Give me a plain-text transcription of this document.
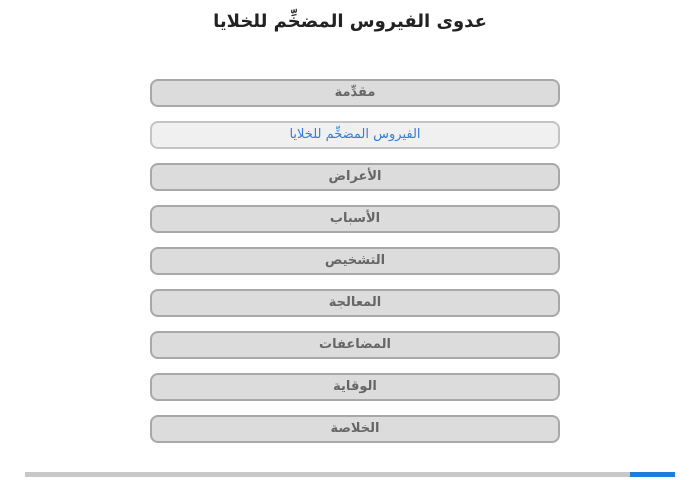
عدوى الفيروس المضخِّم للخلايا
مقدِّمة
الفيروس المضخِّم للخلايا
الأعراض
الأسباب
التشخيص
المعالجة
المضاعفات
الوقاية
الخلاصة
